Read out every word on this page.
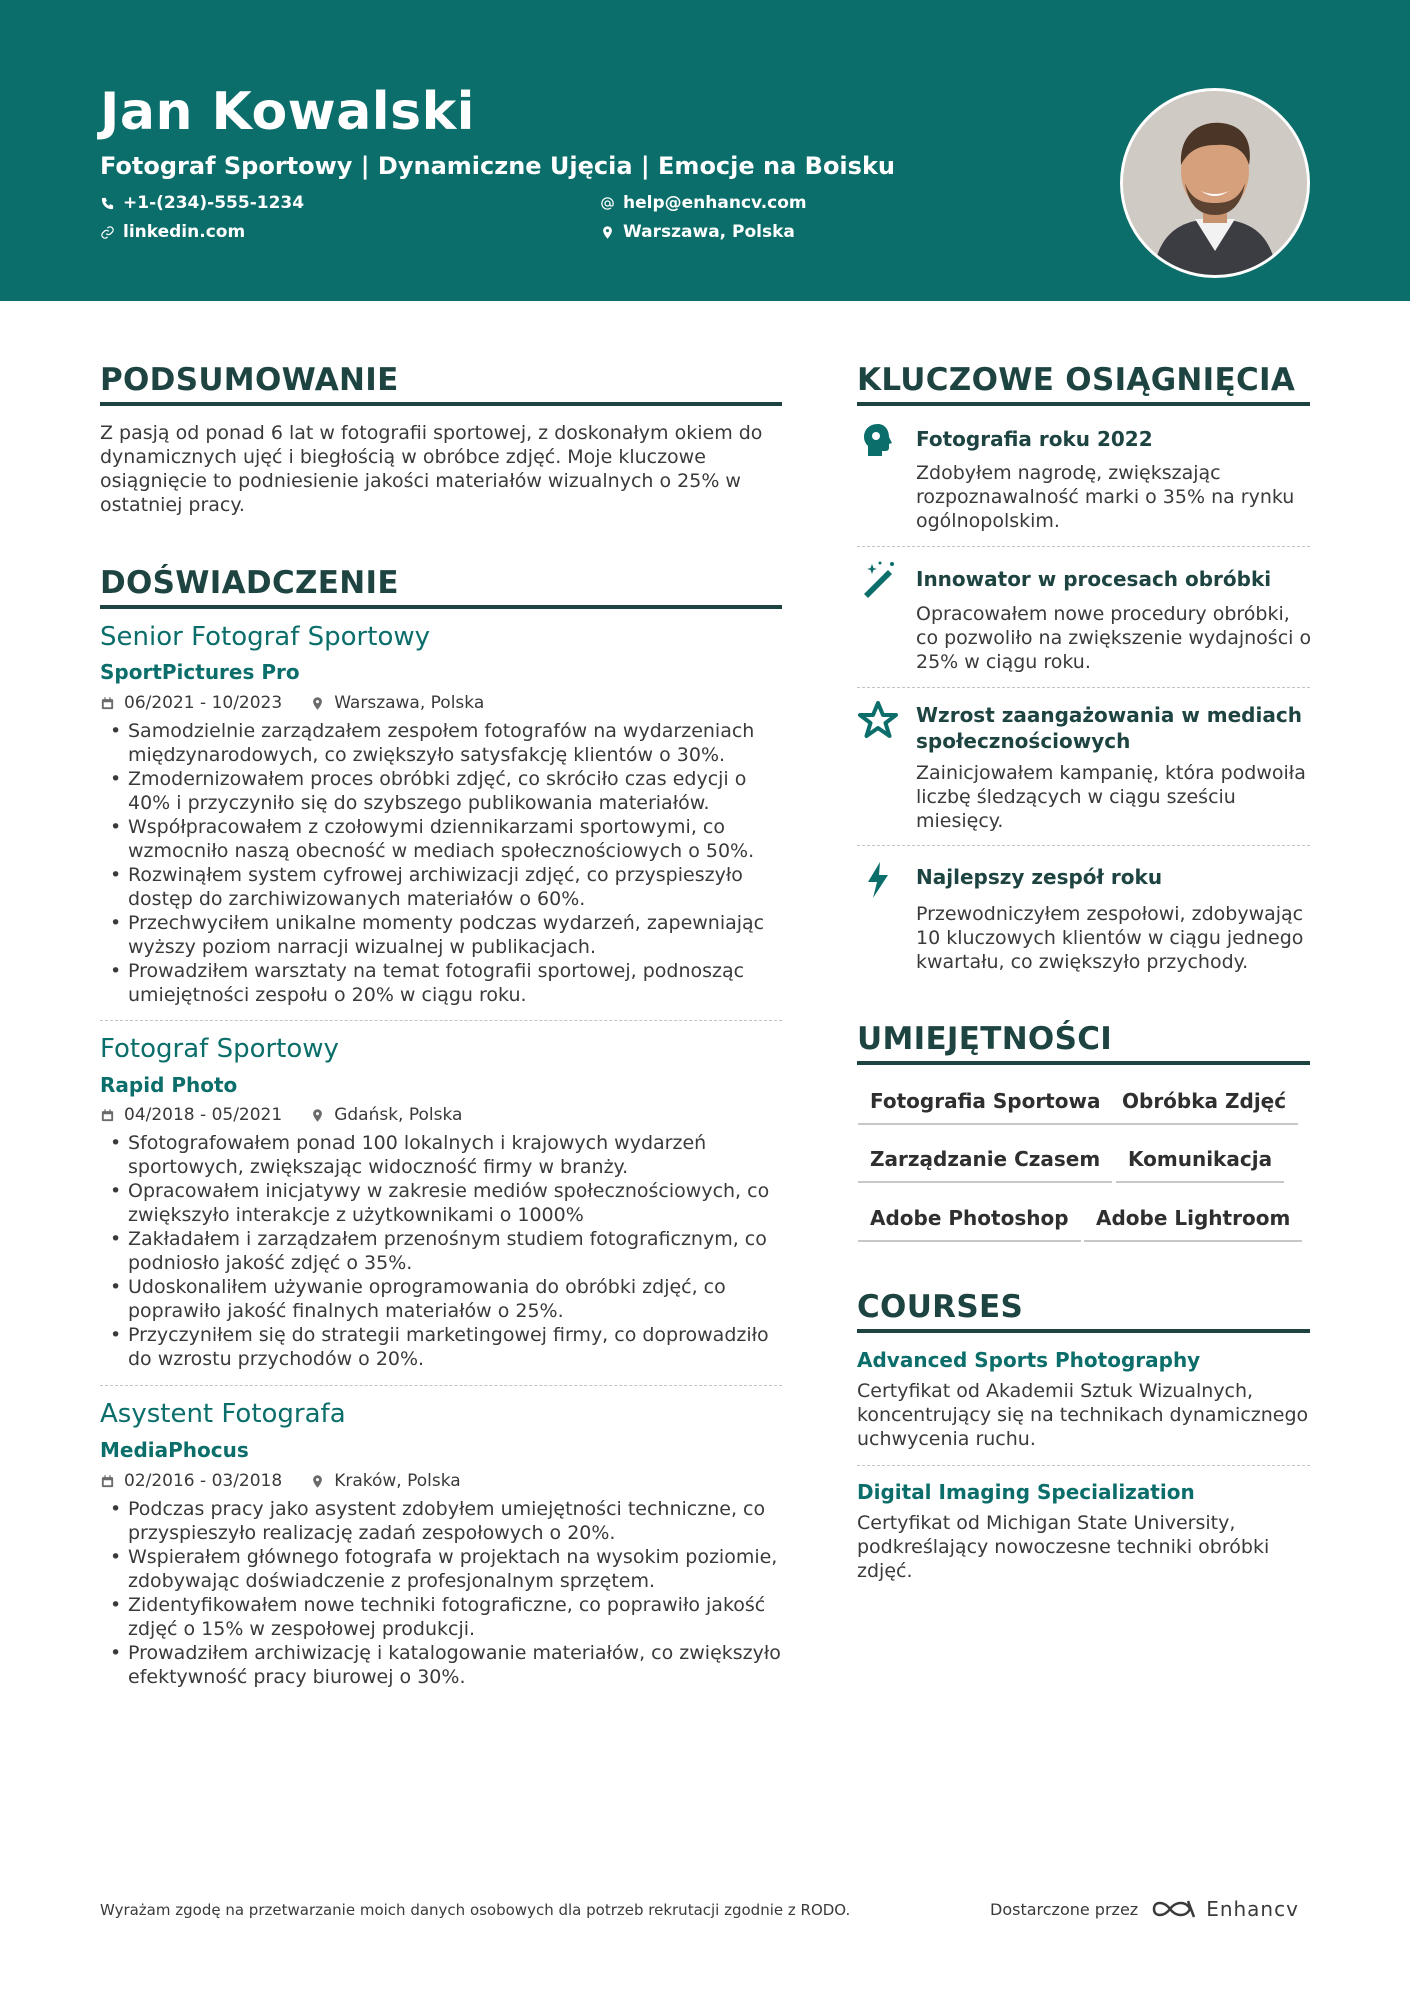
Jan Kowalski
Fotograf Sportowy | Dynamiczne Ujęcia | Emocje na Boisku
+1-(234)-555-1234	help@enhancv.com
linkedin.com	Warszawa, Polska
PODSUMOWANIE
Z pasją od ponad 6 lat w fotografii sportowej, z doskonałym okiem do dynamicznych ujęć i biegłością w obróbce zdjęć. Moje kluczowe osiągnięcie to podniesienie jakości materiałów wizualnych o 25% w ostatniej pracy.
DOŚWIADCZENIE
Senior Fotograf Sportowy
SportPictures Pro
06/2021 - 10/2023	Warszawa, Polska
• Samodzielnie zarządzałem zespołem fotografów na wydarzeniach międzynarodowych, co zwiększyło satysfakcję klientów o 30%.
• Zmodernizowałem proces obróbki zdjęć, co skróciło czas edycji o 40% i przyczyniło się do szybszego publikowania materiałów.
• Współpracowałem z czołowymi dziennikarzami sportowymi, co wzmocniło naszą obecność w mediach społecznościowych o 50%.
• Rozwinąłem system cyfrowej archiwizacji zdjęć, co przyspieszyło dostęp do zarchiwizowanych materiałów o 60%.
• Przechwyciłem unikalne momenty podczas wydarzeń, zapewniając wyższy poziom narracji wizualnej w publikacjach.
• Prowadziłem warsztaty na temat fotografii sportowej, podnosząc umiejętności zespołu o 20% w ciągu roku.
Fotograf Sportowy
Rapid Photo
04/2018 - 05/2021	Gdańsk, Polska
• Sfotografowałem ponad 100 lokalnych i krajowych wydarzeń sportowych, zwiększając widoczność firmy w branży.
• Opracowałem inicjatywy w zakresie mediów społecznościowych, co zwiększyło interakcje z użytkownikami o 1000%
• Zakładałem i zarządzałem przenośnym studiem fotograficznym, co podniosło jakość zdjęć o 35%.
• Udoskonaliłem używanie oprogramowania do obróbki zdjęć, co poprawiło jakość finalnych materiałów o 25%.
• Przyczyniłem się do strategii marketingowej firmy, co doprowadziło do wzrostu przychodów o 20%.
Asystent Fotografa
MediaPhocus
02/2016 - 03/2018	Kraków, Polska
• Podczas pracy jako asystent zdobyłem umiejętności techniczne, co przyspieszyło realizację zadań zespołowych o 20%.
• Wspierałem głównego fotografa w projektach na wysokim poziomie, zdobywając doświadczenie z profesjonalnym sprzętem.
• Zidentyfikowałem nowe techniki fotograficzne, co poprawiło jakość zdjęć o 15% w zespołowej produkcji.
• Prowadziłem archiwizację i katalogowanie materiałów, co zwiększyło efektywność pracy biurowej o 30%.
KLUCZOWE OSIĄGNIĘCIA
Fotografia roku 2022
Zdobyłem nagrodę, zwiększając rozpoznawalność marki o 35% na rynku ogólnopolskim.
Innowator w procesach obróbki
Opracowałem nowe procedury obróbki, co pozwoliło na zwiększenie wydajności o 25% w ciągu roku.
Wzrost zaangażowania w mediach społecznościowych
Zainicjowałem kampanię, która podwoiła liczbę śledzących w ciągu sześciu miesięcy.
Najlepszy zespół roku
Przewodniczyłem zespołowi, zdobywając 10 kluczowych klientów w ciągu jednego kwartału, co zwiększyło przychody.
UMIEJĘTNOŚCI
Fotografia Sportowa	Obróbka Zdjęć
Zarządzanie Czasem	Komunikacja
Adobe Photoshop	Adobe Lightroom
COURSES
Advanced Sports Photography
Certyfikat od Akademii Sztuk Wizualnych, koncentrujący się na technikach dynamicznego uchwycenia ruchu.
Digital Imaging Specialization
Certyfikat od Michigan State University, podkreślający nowoczesne techniki obróbki zdjęć.
Wyrażam zgodę na przetwarzanie moich danych osobowych dla potrzeb rekrutacji zgodnie z RODO.	Dostarczone przez	Enhancv
